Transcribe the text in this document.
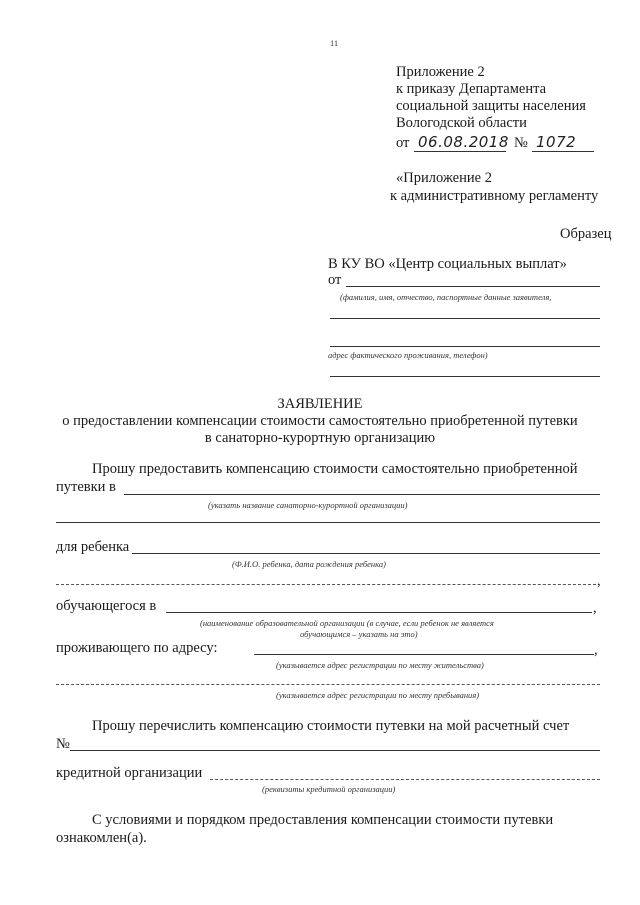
11
Приложение 2
к приказу Департамента
социальной защиты населения
Вологодской области
от 06.08.2018 № 1072
«Приложение 2
к административному регламенту
Образец
В КУ ВО «Центр социальных выплат»
от
(фамилия, имя, отчество, паспортные данные заявителя,
адрес фактического проживания, телефон)
ЗАЯВЛЕНИЕ
о предоставлении компенсации стоимости самостоятельно приобретенной путевки
в санаторно-курортную организацию
Прошу предоставить компенсацию стоимости самостоятельно приобретенной
путевки в
(указать название санаторно-курортной организации)
для ребенка
(Ф.И.О. ребенка, дата рождения ребенка)
,
обучающегося в	,
(наименование образовательной организации (в случае, если ребенок не является
обучающимся – указать на это)
проживающего по адресу:	,
(указывается адрес регистрации по месту жительства)
(указывается адрес регистрации по месту пребывания)
Прошу перечислить компенсацию стоимости путевки на мой расчетный счет
№
кредитной организации
(реквизиты кредитной организации)
С условиями и порядком предоставления компенсации стоимости путевки
ознакомлен(а).
